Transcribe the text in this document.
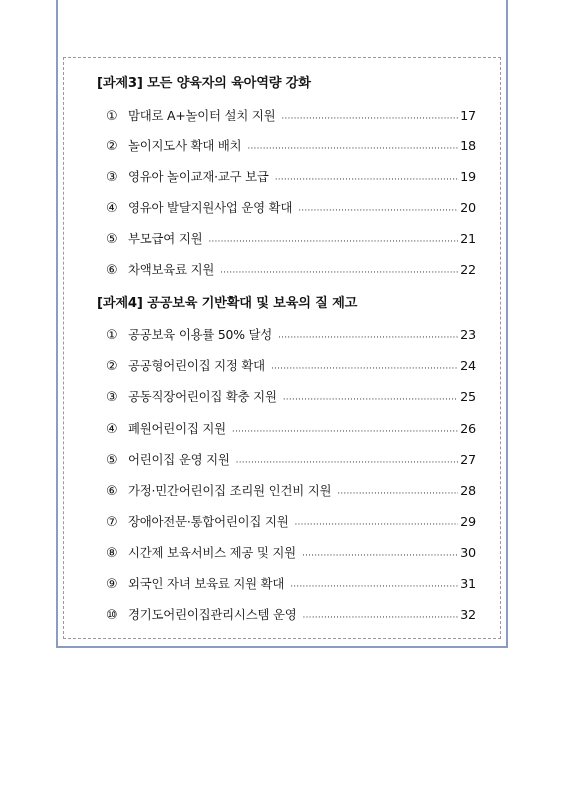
[과제3] 모든 양육자의 육아역량 강화
① 맘대로 A+놀이터 설치 지원 ·····	17
② 놀이지도사 확대 배치 ·····	18
③ 영유아 놀이교재·교구 보급 ·····	19
④ 영유아 발달지원사업 운영 확대 ·····	20
⑤ 부모급여 지원 ·····	21
⑥ 차액보육료 지원 ·····	22
[과제4] 공공보육 기반확대 및 보육의 질 제고
① 공공보육 이용률 50% 달성 ·····	23
② 공공형어린이집 지정 확대 ·····	24
③ 공동직장어린이집 확충 지원 ·····	25
④ 폐원어린이집 지원 ·····	26
⑤ 어린이집 운영 지원 ·····	27
⑥ 가정·민간어린이집 조리원 인건비 지원 ·····	28
⑦ 장애아전문·통합어린이집 지원 ·····	29
⑧ 시간제 보육서비스 제공 및 지원 ·····	30
⑨ 외국인 자녀 보육료 지원 확대 ·····	31
⑩ 경기도어린이집관리시스템 운영 ·····	32
